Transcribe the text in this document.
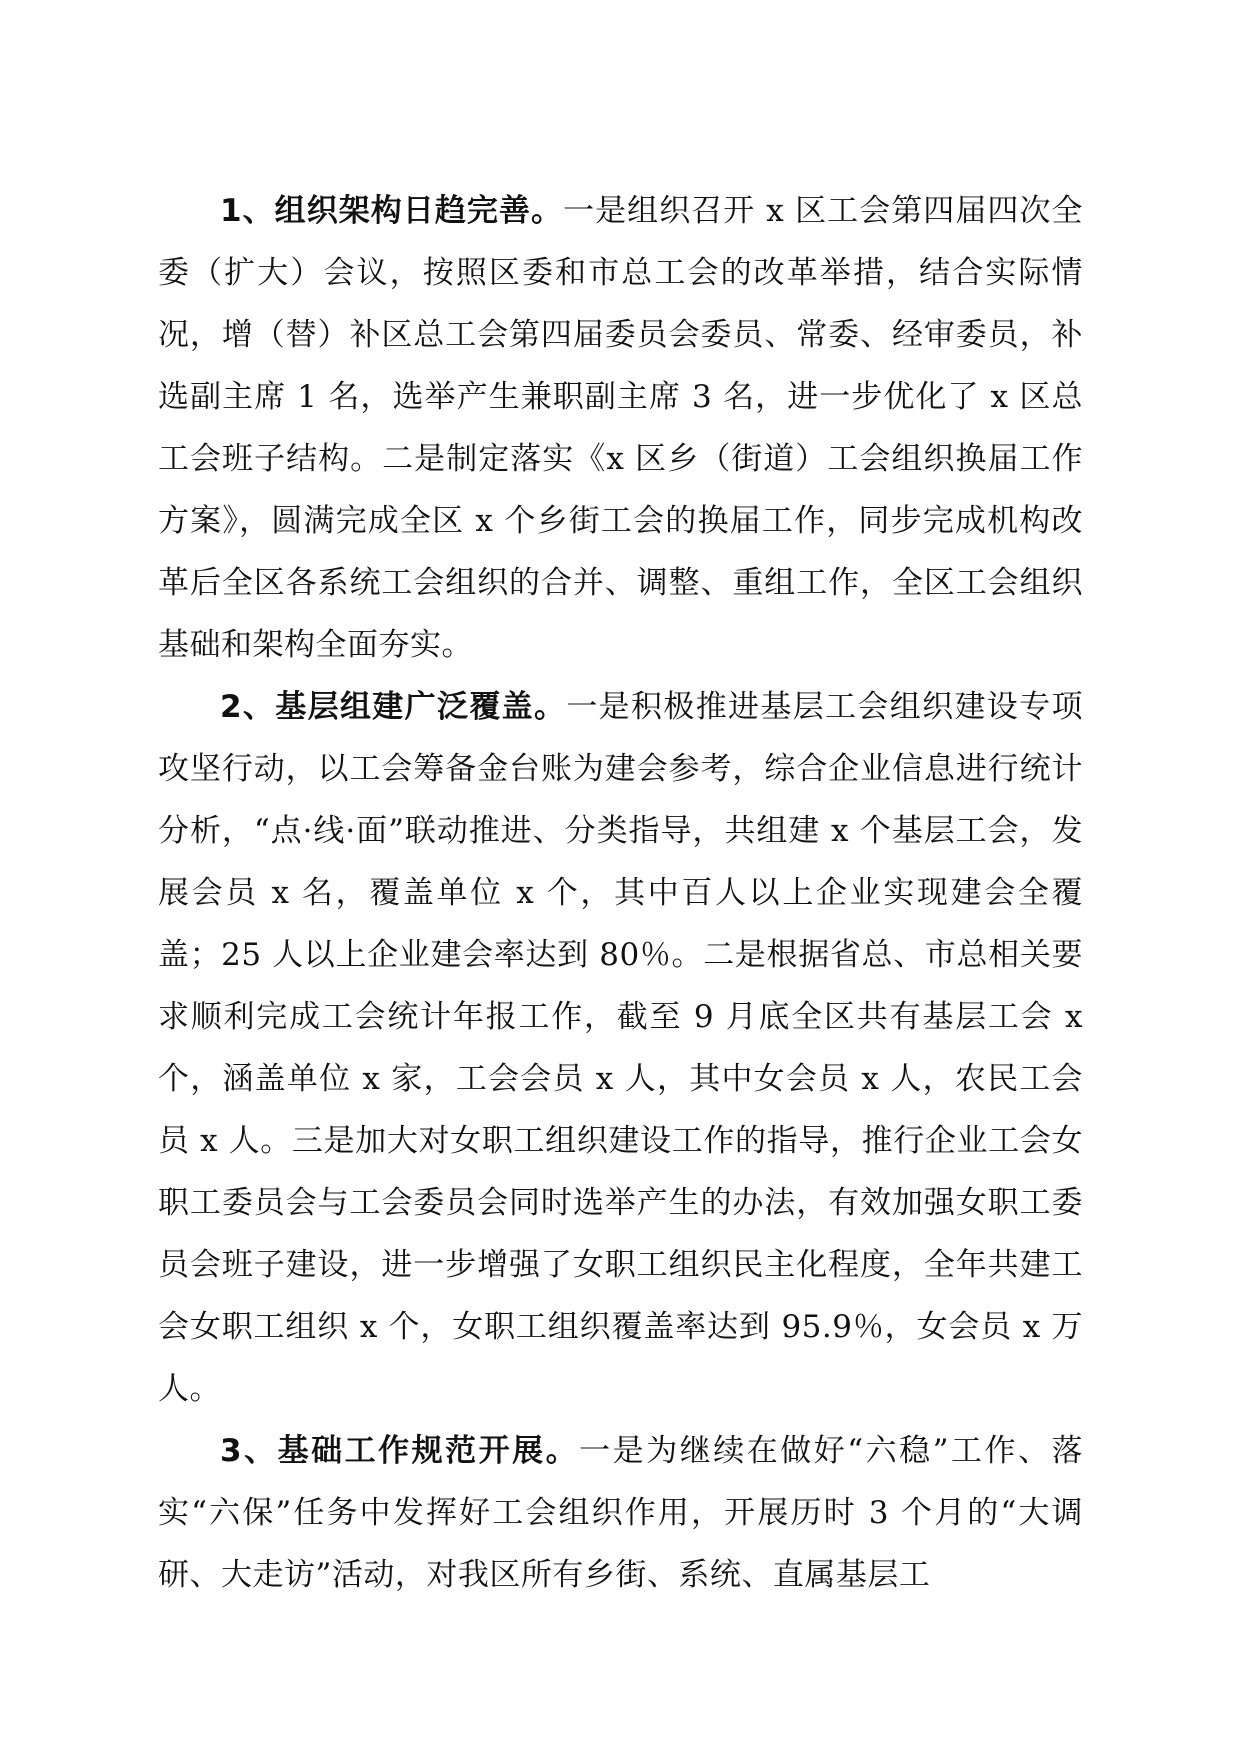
1、组织架构日趋完善。一是组织召开 x 区工会第四届四次全委（扩大）会议，按照区委和市总工会的改革举措，结合实际情况，增（替）补区总工会第四届委员会委员、常委、经审委员，补选副主席 1 名，选举产生兼职副主席 3 名，进一步优化了 x 区总工会班子结构。二是制定落实《x 区乡（街道）工会组织换届工作方案》，圆满完成全区 x 个乡街工会的换届工作，同步完成机构改革后全区各系统工会组织的合并、调整、重组工作，全区工会组织基础和架构全面夯实。

2、基层组建广泛覆盖。一是积极推进基层工会组织建设专项攻坚行动，以工会筹备金台账为建会参考，综合企业信息进行统计分析，“点·线·面”联动推进、分类指导，共组建 x 个基层工会，发展会员 x 名，覆盖单位 x 个，其中百人以上企业实现建会全覆盖；25 人以上企业建会率达到 80％。二是根据省总、市总相关要求顺利完成工会统计年报工作，截至 9 月底全区共有基层工会 x 个，涵盖单位 x 家，工会会员 x 人，其中女会员 x 人，农民工会员 x 人。三是加大对女职工组织建设工作的指导，推行企业工会女职工委员会与工会委员会同时选举产生的办法，有效加强女职工委员会班子建设，进一步增强了女职工组织民主化程度，全年共建工会女职工组织 x 个，女职工组织覆盖率达到 95.9％，女会员 x 万人。

3、基础工作规范开展。一是为继续在做好“六稳”工作、落实“六保”任务中发挥好工会组织作用，开展历时 3 个月的“大调研、大走访”活动，对我区所有乡街、系统、直属基层工
